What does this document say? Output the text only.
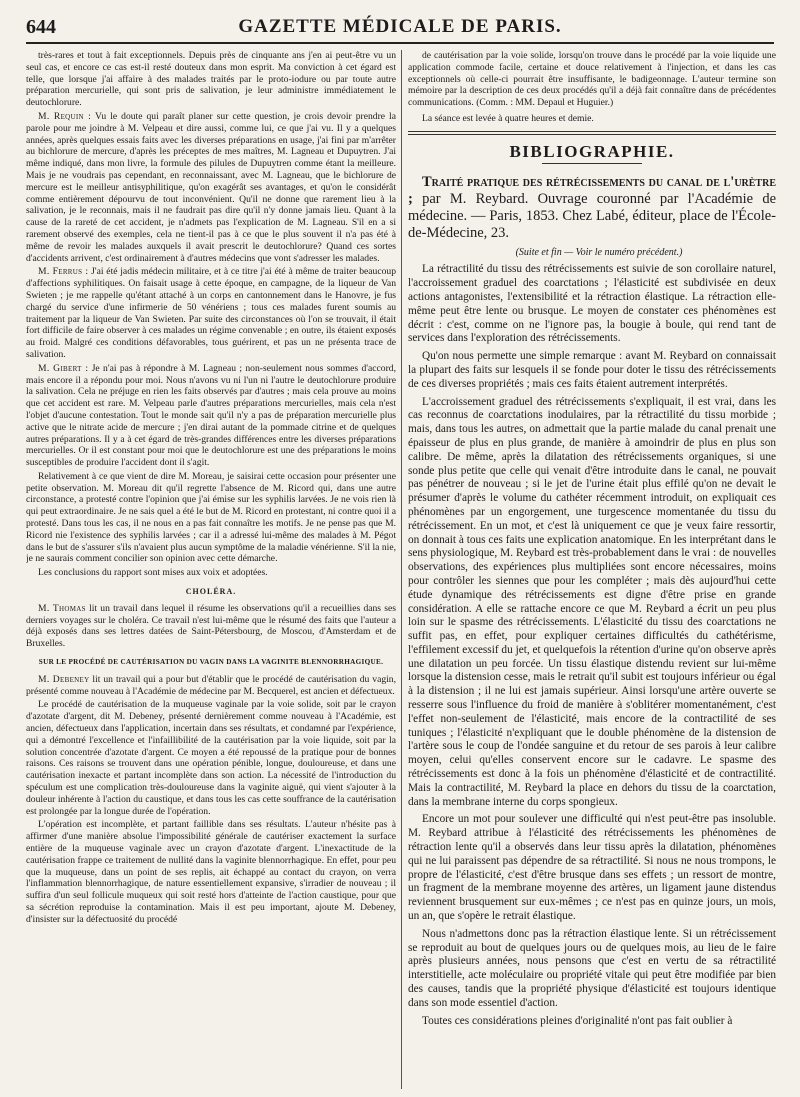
644	GAZETTE MÉDICALE DE PARIS.

très-rares et tout à fait exceptionnels. Depuis près de cinquante ans j'en ai peut-être vu un seul cas, et encore ce cas est-il resté douteux dans mon esprit. Ma conviction à cet égard est telle, que lorsque j'ai affaire à des malades traités par le proto-iodure ou par toute autre préparation mercurielle, qui sont pris de salivation, je leur administre immédiatement le deutochlorure.

M. Requin : Vu le doute qui paraît planer sur cette question, je crois devoir prendre la parole pour me joindre à M. Velpeau et dire aussi, comme lui, ce que j'ai vu. Il y a quelques années, après quelques essais faits avec les diverses préparations en usage, j'ai fini par m'arrêter au bichlorure de mercure, d'après les préceptes de mes maîtres, M. Lagneau et Dupuytren. J'ai même indiqué, dans mon livre, la formule des pilules de Dupuytren comme étant la meilleure. Mais je ne voudrais pas cependant, en reconnaissant, avec M. Lagneau, que le bichlorure de mercure est le meilleur antisyphilitique, qu'on exagérât ses avantages, et qu'on le considérât comme entièrement dépourvu de tout inconvénient. Qu'il ne donne que rarement lieu à la salivation, je le reconnais, mais il ne faudrait pas dire qu'il n'y donne jamais lieu. Quant à la cause de la rareté de cet accident, je n'admets pas l'explication de M. Lagneau. S'il en a si rarement observé des exemples, cela ne tient-il pas à ce que le plus souvent il n'a pas été à même de revoir les malades auxquels il avait prescrit le deutochlorure? Quand ces sortes d'accidents arrivent, c'est ordinairement à d'autres médecins que vont s'adresser les malades.

M. Ferrus : J'ai été jadis médecin militaire, et à ce titre j'ai été à même de traiter beaucoup d'affections syphilitiques. On faisait usage à cette époque, en campagne, de la liqueur de Van Swieten ; je me rappelle qu'étant attaché à un corps en cantonnement dans le Hanovre, je fus chargé du service d'une infirmerie de 50 vénériens ; tous ces malades furent soumis au traitement par la liqueur de Van Swieten. Par suite des circonstances où l'on se trouvait, il était fort difficile de faire observer à ces malades un régime convenable ; en outre, ils étaient exposés au froid. Malgré ces conditions défavorables, tous guérirent, et pas un ne présenta trace de salivation.

M. Gibert : Je n'ai pas à répondre à M. Lagneau ; non-seulement nous sommes d'accord, mais encore il a répondu pour moi. Nous n'avons vu ni l'un ni l'autre le deutochlorure produire la salivation. Cela ne préjuge en rien les faits observés par d'autres ; mais cela prouve au moins que cet accident est rare. M. Velpeau parle d'autres préparations mercurielles, mais cela n'est l'objet d'aucune contestation. Tout le monde sait qu'il n'y a pas de préparation mercurielle plus active que le nitrate acide de mercure ; j'en dirai autant de la pommade citrine et de quelques autres préparations. Il y a à cet égard de très-grandes différences entre les diverses préparations mercurielles. Or il est constant pour moi que le deutochlorure est une des préparations le moins susceptibles de produire l'accident dont il s'agit.

Relativement à ce que vient de dire M. Moreau, je saisirai cette occasion pour présenter une petite observation. M. Moreau dit qu'il regrette l'absence de M. Ricord qui, dans une autre circonstance, a protesté contre l'opinion que j'ai émise sur les syphilis larvées. Je ne vois rien là qui peut extraordinaire. Je ne sais quel a été le but de M. Ricord en protestant, ni contre quoi il a protesté. Dans tous les cas, il ne nous en a pas fait connaître les motifs. Je ne pense pas que M. Ricord nie l'existence des syphilis larvées ; car il a adressé lui-même des malades à M. Pégot dans le but de s'assurer s'ils n'avaient plus aucun symptôme de la maladie vénérienne. S'il la nie, je ne saurais comment concilier son opinion avec cette démarche.

Les conclusions du rapport sont mises aux voix et adoptées.

CHOLÉRA.

M. Thomas lit un travail dans lequel il résume les observations qu'il a recueillies dans ses derniers voyages sur le choléra. Ce travail n'est lui-même que le résumé des faits que l'auteur a déjà exposés dans ses lettres datées de Saint-Pétersbourg, de Moscou, d'Amsterdam et de Bruxelles.

SUR LE PROCÉDÉ DE CAUTÉRISATION DU VAGIN DANS LA VAGINITE BLENNORRHAGIQUE.

M. Debeney lit un travail qui a pour but d'établir que le procédé de cautérisation du vagin, présenté comme nouveau à l'Académie de médecine par M. Becquerel, est ancien et défectueux.

Le procédé de cautérisation de la muqueuse vaginale par la voie solide, soit par le crayon d'azotate d'argent, dit M. Debeney, présenté dernièrement comme nouveau à l'Académie, est ancien, défectueux dans l'application, incertain dans ses résultats, et condamné par l'expérience, qui a démontré l'excellence et l'infaillibilité de la cautérisation par la voie liquide, soit par la solution concentrée d'azotate d'argent. Ce moyen a été repoussé de la pratique pour de bonnes raisons. Ces raisons se trouvent dans une opération pénible, longue, douloureuse, et dans une cautérisation inexacte et partant incomplète dans son action. La nécessité de l'introduction du spéculum est une complication très-douloureuse dans la vaginite aiguë, qui vient s'ajouter à la douleur inhérente à l'action du caustique, et dans tous les cas cette souffrance de la cautérisation est prolongée par la longue durée de l'opération.

L'opération est incomplète, et partant faillible dans ses résultats. L'auteur n'hésite pas à affirmer d'une manière absolue l'impossibilité générale de cautériser exactement la surface entière de la muqueuse vaginale avec un crayon d'azotate d'argent. L'inexactitude de la cautérisation frappe ce traitement de nullité dans la vaginite blennorrhagique. En effet, pour peu que la muqueuse, dans un point de ses replis, ait échappé au contact du crayon, on verra l'inflammation blennorrhagique, de nature essentiellement expansive, s'irradier de nouveau ; il suffira d'un seul follicule muqueux qui soit resté hors d'atteinte de l'action caustique, pour que sa sécrétion reproduise la contamination. Mais il est peu important, ajoute M. Debeney, d'insister sur la défectuosité du procédé

de cautérisation par la voie solide, lorsqu'on trouve dans le procédé par la voie liquide une application commode facile, certaine et douce relativement à l'injection, et dans les cas exceptionnels où celle-ci pourrait être insuffisante, le badigeonnage. L'auteur termine son mémoire par la description de ces deux procédés qu'il a déjà fait connaître dans de précédentes communications. (Comm. : MM. Depaul et Huguier.)

La séance est levée à quatre heures et demie.

BIBLIOGRAPHIE.

Traité pratique des rétrécissements du canal de l'urètre ; par M. Reybard. Ouvrage couronné par l'Académie de médecine. — Paris, 1853. Chez Labé, éditeur, place de l'École-de-Médecine, 23.

(Suite et fin — Voir le numéro précédent.)

La rétractilité du tissu des rétrécissements est suivie de son corollaire naturel, l'accroissement graduel des coarctations ; l'élasticité est subdivisée en deux actions antagonistes, l'extensibilité et la rétraction élastique. La rétraction elle-même peut être lente ou brusque. Le moyen de constater ces phénomènes est décrit : c'est, comme on ne l'ignore pas, la bougie à boule, qui rend tant de services dans l'exploration des rétrécissements.

Qu'on nous permette une simple remarque : avant M. Reybard on connaissait la plupart des faits sur lesquels il se fonde pour doter le tissu des rétrécissements de ces diverses propriétés ; mais ces faits étaient autrement interprétés.

L'accroissement graduel des rétrécissements s'expliquait, il est vrai, dans les cas reconnus de coarctations inodulaires, par la rétractilité du tissu morbide ; mais, dans tous les autres, on admettait que la partie malade du canal prenait une épaisseur de plus en plus grande, de manière à amoindrir de plus en plus son calibre. De même, après la dilatation des rétrécissements organiques, si une sonde plus petite que celle qui venait d'être introduite dans le canal, ne pouvait pas pénétrer de nouveau ; si le jet de l'urine était plus effilé qu'on ne devait le présumer d'après le volume du cathéter récemment introduit, on expliquait ces phénomènes par un engorgement, une turgescence momentanée du tissu du rétrécissement. En un mot, et c'est là uniquement ce que je veux faire ressortir, on donnait à tous ces faits une explication anatomique. En les interprétant dans le sens physiologique, M. Reybard est très-probablement dans le vrai : de nouvelles observations, des expériences plus multipliées sont encore nécessaires, moins pour contrôler les siennes que pour les compléter ; mais dès aujourd'hui cette étude dynamique des rétrécissements est digne d'être prise en grande considération. A elle se rattache encore ce que M. Reybard a écrit un peu plus loin sur le spasme des rétrécissements. L'élasticité du tissu des coarctations ne suffit pas, en effet, pour expliquer certaines difficultés du cathétérisme, l'effilement excessif du jet, et quelquefois la rétention d'urine qu'on observe après une dilatation un peu forcée. Un tissu élastique distendu revient sur lui-même lorsque la distension cesse, mais le retrait qu'il subit est toujours inférieur ou égal à la distension ; il ne lui est jamais supérieur. Ainsi lorsqu'une artère ouverte se resserre sous l'influence du froid de manière à s'oblitérer momentanément, c'est l'effet non-seulement de l'élasticité, mais encore de la contractilité de ses tuniques ; l'élasticité n'expliquant que le double phénomène de la distension de l'artère sous le coup de l'ondée sanguine et du retour de ses parois à leur calibre moyen, celui qu'elles conservent encore sur le cadavre. Le spasme des rétrécissements est donc à la fois un phénomène d'élasticité et de contractilité. Mais la contractilité, M. Reybard la place en dehors du tissu de la coarctation, dans la membrane interne du corps spongieux.

Encore un mot pour soulever une difficulté qui n'est peut-être pas insoluble. M. Reybard attribue à l'élasticité des rétrécissements les phénomènes de rétraction lente qu'il a observés dans leur tissu après la dilatation, phénomènes qui ne lui paraissent pas dépendre de sa rétractilité. Si nous ne nous trompons, le propre de l'élasticité, c'est d'être brusque dans ses effets ; un ressort de montre, un fragment de la membrane moyenne des artères, un ligament jaune distendus reviennent brusquement sur eux-mêmes ; ce n'est pas en quinze jours, un mois, un an, que s'opère le retrait élastique.

Nous n'admettons donc pas la rétraction élastique lente. Si un rétrécissement se reproduit au bout de quelques jours ou de quelques mois, au lieu de le faire après plusieurs années, nous pensons que c'est en vertu de sa rétractilité interstitielle, acte moléculaire ou propriété vitale qui peut être modifiée par bien des causes, tandis que la propriété physique d'élasticité est toujours identique dans son mode essentiel d'action.

Toutes ces considérations pleines d'originalité n'ont pas fait oublier à
